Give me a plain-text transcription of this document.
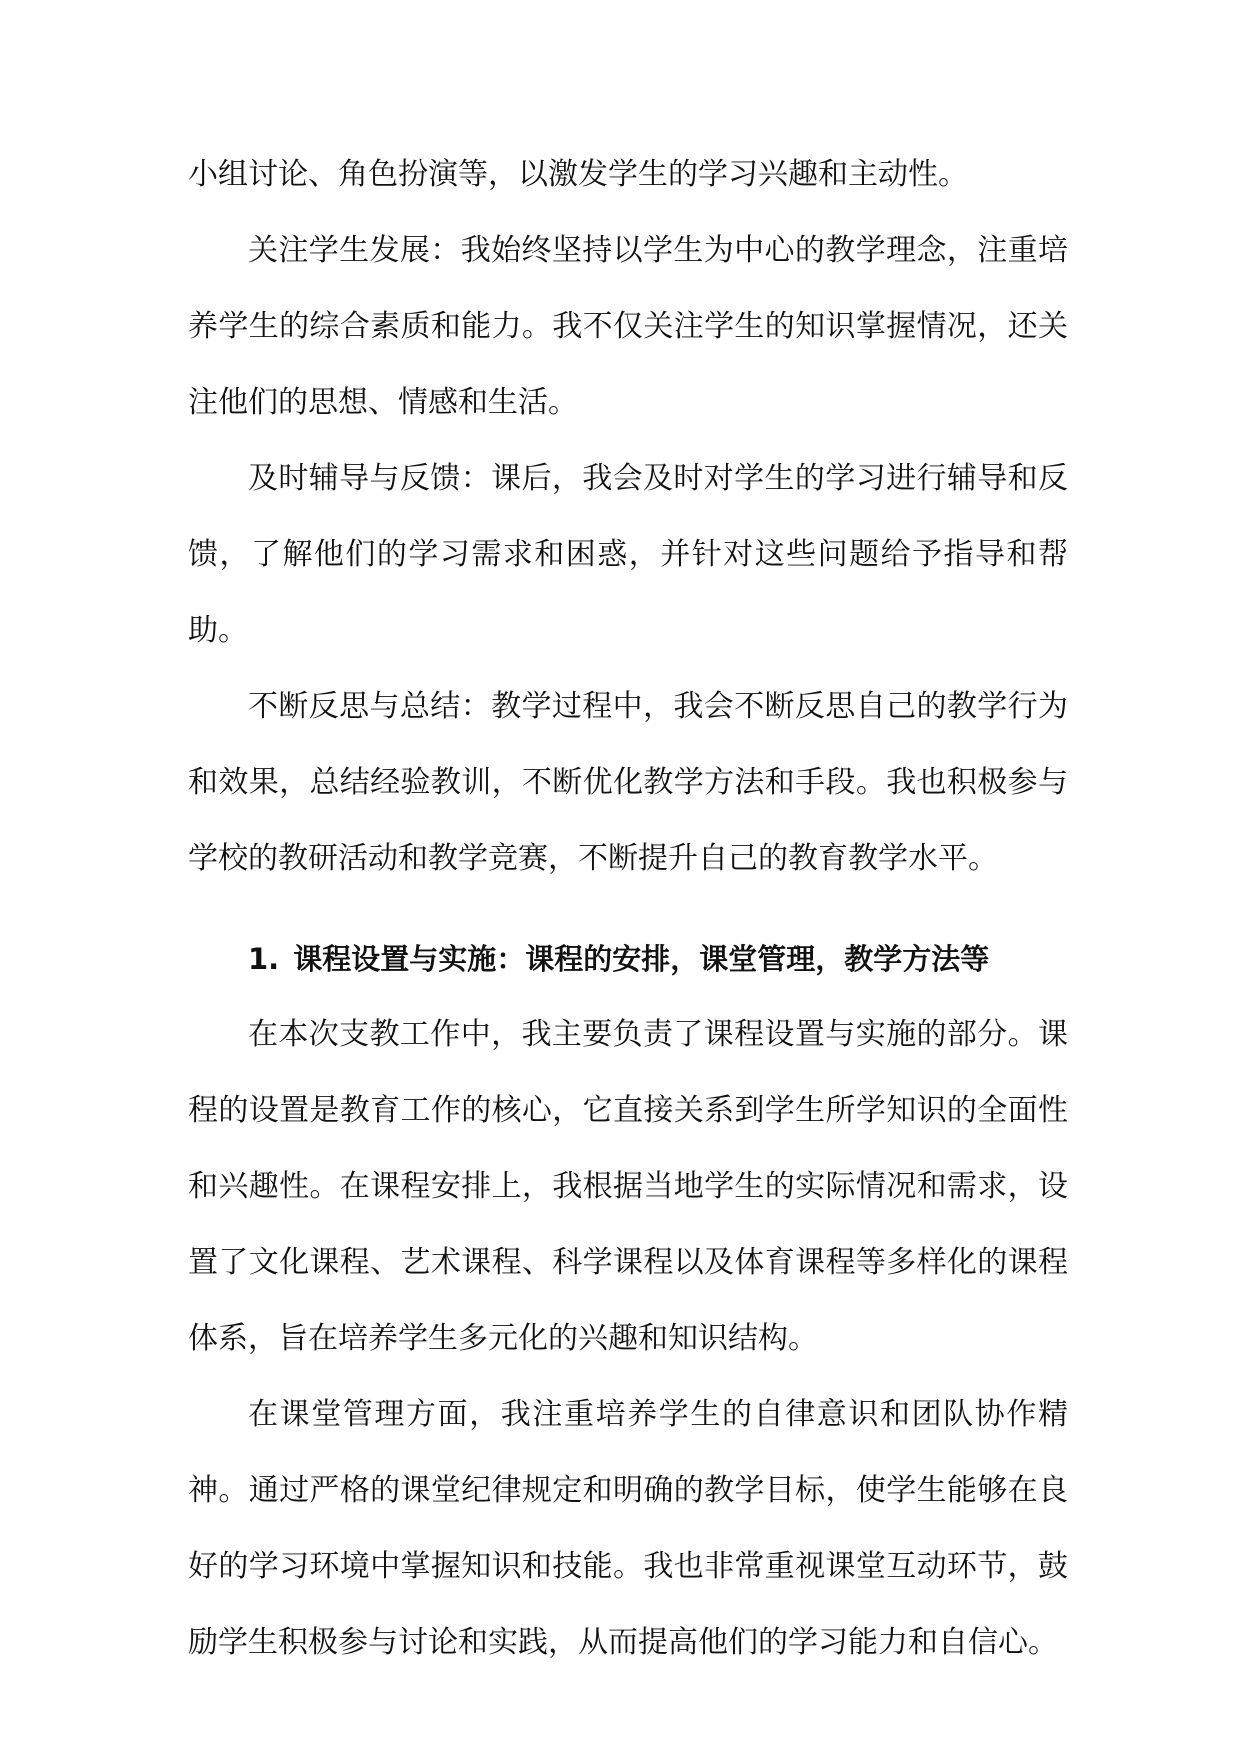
小组讨论、角色扮演等，以激发学生的学习兴趣和主动性。

关注学生发展：我始终坚持以学生为中心的教学理念，注重培养学生的综合素质和能力。我不仅关注学生的知识掌握情况，还关注他们的思想、情感和生活。

及时辅导与反馈：课后，我会及时对学生的学习进行辅导和反馈，了解他们的学习需求和困惑，并针对这些问题给予指导和帮助。

不断反思与总结：教学过程中，我会不断反思自己的教学行为和效果，总结经验教训，不断优化教学方法和手段。我也积极参与学校的教研活动和教学竞赛，不断提升自己的教育教学水平。

1. 课程设置与实施：课程的安排，课堂管理，教学方法等

在本次支教工作中，我主要负责了课程设置与实施的部分。课程的设置是教育工作的核心，它直接关系到学生所学知识的全面性和兴趣性。在课程安排上，我根据当地学生的实际情况和需求，设置了文化课程、艺术课程、科学课程以及体育课程等多样化的课程体系，旨在培养学生多元化的兴趣和知识结构。

在课堂管理方面，我注重培养学生的自律意识和团队协作精神。通过严格的课堂纪律规定和明确的教学目标，使学生能够在良好的学习环境中掌握知识和技能。我也非常重视课堂互动环节，鼓励学生积极参与讨论和实践，从而提高他们的学习能力和自信心。
